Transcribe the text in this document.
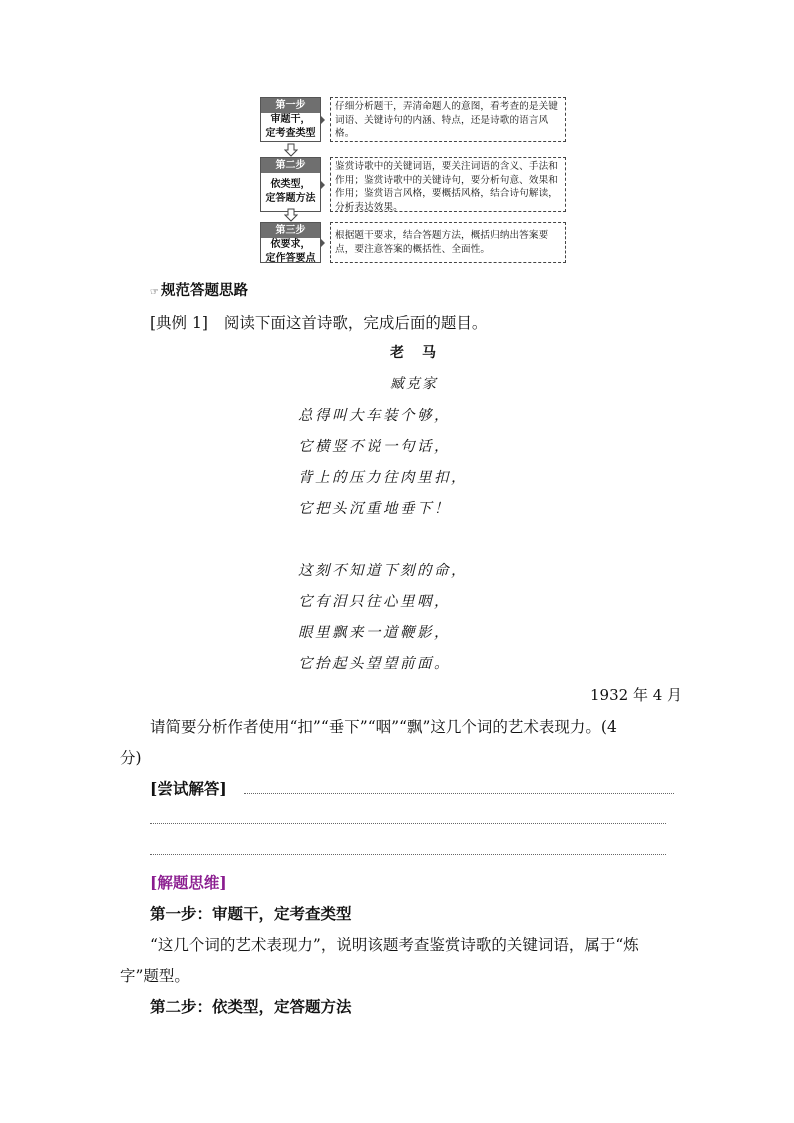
第一步
审题干，
定考查类型
仔细分析题干，弄清命题人的意图，看考查的是关键词语、关键诗句的内涵、特点，还是诗歌的语言风格。
第二步
依类型，
定答题方法
鉴赏诗歌中的关键词语，要关注词语的含义、手法和作用；鉴赏诗歌中的关键诗句，要分析句意、效果和作用；鉴赏语言风格，要概括风格，结合诗句解读，分析表达效果。
第三步
依要求，
定作答要点
根据题干要求，结合答题方法，概括归纳出答案要点，要注意答案的概括性、全面性。
☞ 规范答题思路
[典例 1] 阅读下面这首诗歌，完成后面的题目。
老　马
臧克家
总得叫大车装个够，
它横竖不说一句话，
背上的压力往肉里扣，
它把头沉重地垂下！
这刻不知道下刻的命，
它有泪只往心里咽，
眼里飘来一道鞭影，
它抬起头望望前面。
1932 年 4 月
请简要分析作者使用“扣”“垂下”“咽”“飘”这几个词的艺术表现力。(4
分)
[尝试解答]
[解题思维]
第一步：审题干，定考查类型
“这几个词的艺术表现力”，说明该题考查鉴赏诗歌的关键词语，属于“炼
字”题型。
第二步：依类型，定答题方法
